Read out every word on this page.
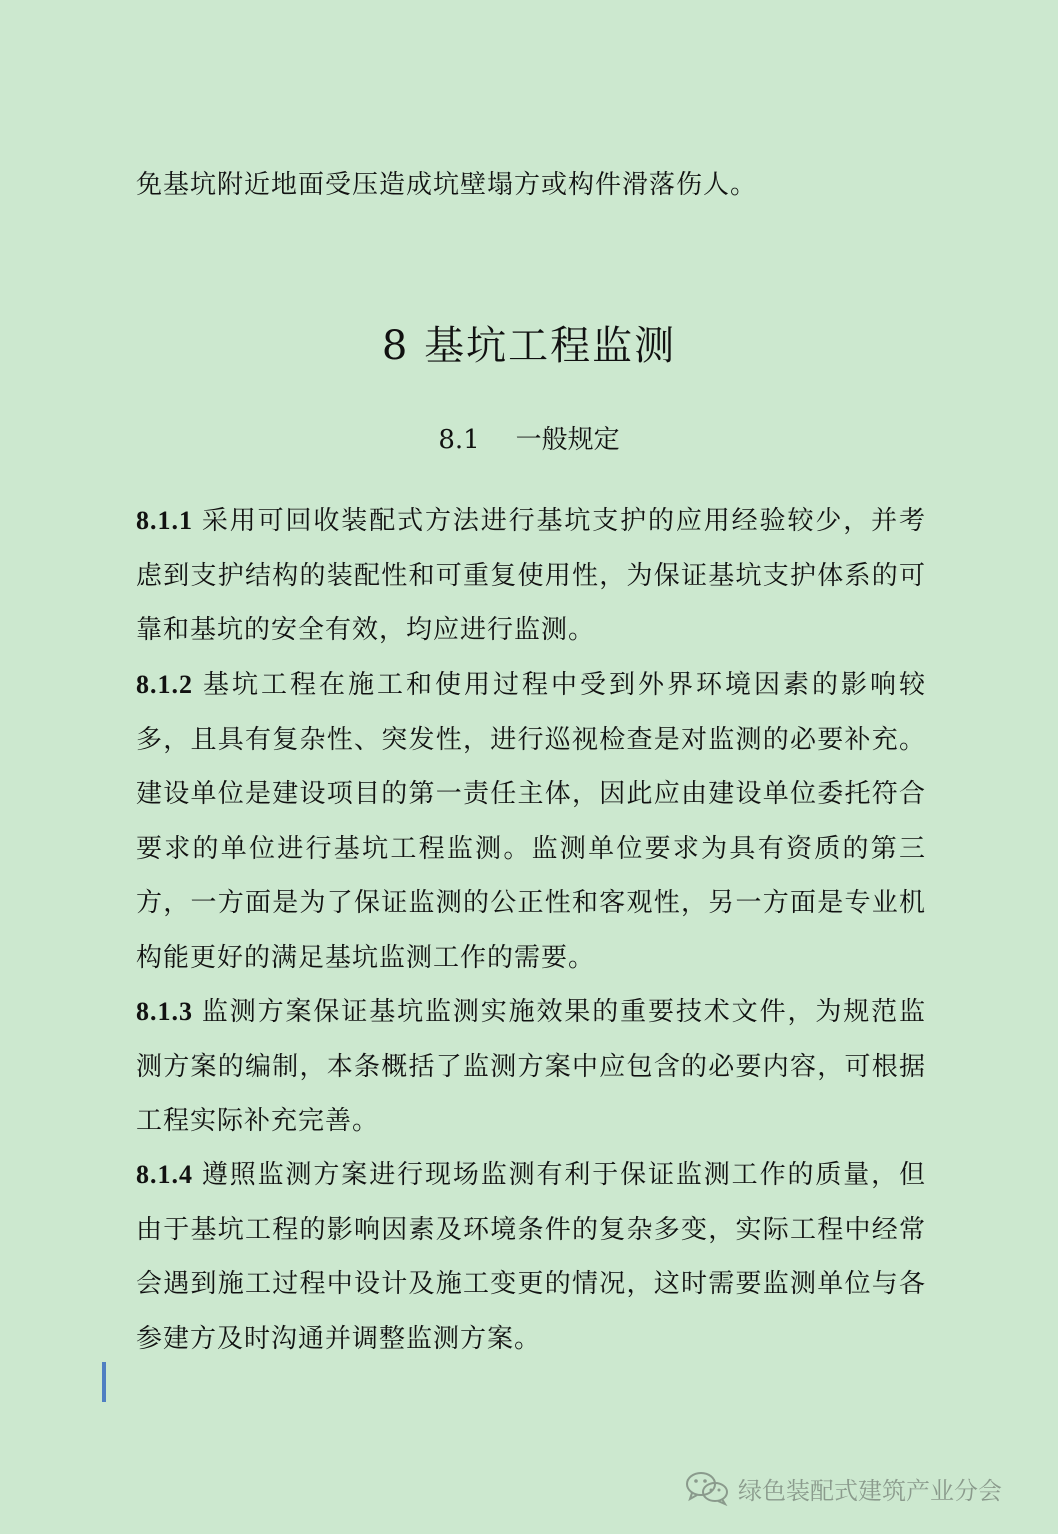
免基坑附近地面受压造成坑壁塌方或构件滑落伤人。
8 基坑工程监测
8.1 一般规定
8.1.1 采用可回收装配式方法进行基坑支护的应用经验较少，并考虑到支护结构的装配性和可重复使用性，为保证基坑支护体系的可靠和基坑的安全有效，均应进行监测。
8.1.2 基坑工程在施工和使用过程中受到外界环境因素的影响较多，且具有复杂性、突发性，进行巡视检查是对监测的必要补充。建设单位是建设项目的第一责任主体，因此应由建设单位委托符合要求的单位进行基坑工程监测。监测单位要求为具有资质的第三方，一方面是为了保证监测的公正性和客观性，另一方面是专业机构能更好的满足基坑监测工作的需要。
8.1.3 监测方案保证基坑监测实施效果的重要技术文件，为规范监测方案的编制，本条概括了监测方案中应包含的必要内容，可根据工程实际补充完善。
8.1.4 遵照监测方案进行现场监测有利于保证监测工作的质量，但由于基坑工程的影响因素及环境条件的复杂多变，实际工程中经常会遇到施工过程中设计及施工变更的情况，这时需要监测单位与各参建方及时沟通并调整监测方案。
绿色装配式建筑产业分会
